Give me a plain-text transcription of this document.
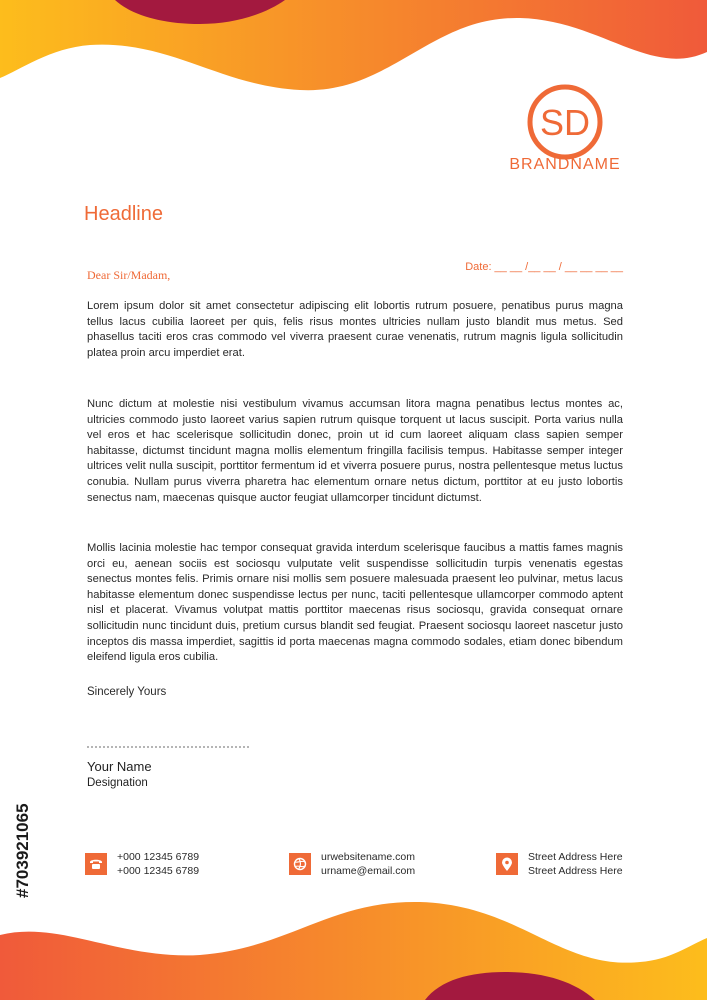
SD
BRANDNAME
Headline
Date: __ __ /__ __ / __ __ __ __
Dear Sir/Madam,

Lorem ipsum dolor sit amet consectetur adipiscing elit lobortis rutrum posuere, penatibus purus magna tellus lacus cubilia laoreet per quis, felis risus montes ultricies nullam justo blandit mus metus. Sed phasellus taciti eros cras commodo vel viverra praesent curae venenatis, rutrum magnis ligula sollicitudin platea proin arcu imperdiet erat.

Nunc dictum at molestie nisi vestibulum vivamus accumsan litora magna penatibus lectus montes ac, ultricies commodo justo laoreet varius sapien rutrum quisque torquent ut lacus suscipit. Porta varius nulla vel eros et hac scelerisque sollicitudin donec, proin ut id cum laoreet aliquam class sapien semper habitasse, dictumst tincidunt magna mollis elementum fringilla facilisis tempus. Habitasse semper integer ultrices velit nulla suscipit, porttitor fermentum id et viverra posuere purus, nostra pellentesque metus luctus conubia. Nullam purus viverra pharetra hac elementum ornare netus dictum, porttitor at eu justo lobortis senectus nam, maecenas quisque auctor feugiat ullamcorper tincidunt dictumst.

Mollis lacinia molestie hac tempor consequat gravida interdum scelerisque faucibus a mattis fames magnis orci eu, aenean sociis est sociosqu vulputate velit suspendisse sollicitudin turpis venenatis egestas senectus montes felis. Primis ornare nisi mollis sem posuere malesuada praesent leo pulvinar, metus lacus habitasse elementum donec suspendisse lectus per nunc, taciti pellentesque ullamcorper commodo aptent nisl et placerat. Vivamus volutpat mattis porttitor maecenas risus sociosqu, gravida consequat ornare sollicitudin nunc tincidunt duis, pretium cursus blandit sed feugiat. Praesent sociosqu laoreet nascetur justo inceptos dis massa imperdiet, sagittis id porta maecenas magna commodo sodales, etiam donec bibendum eleifend ligula eros cubilia.

Sincerely Yours
Your Name
Designation
+000 12345 6789
+000 12345 6789
urwebsitename.com
urname@email.com
Street Address Here
Street Address Here
#703921065
